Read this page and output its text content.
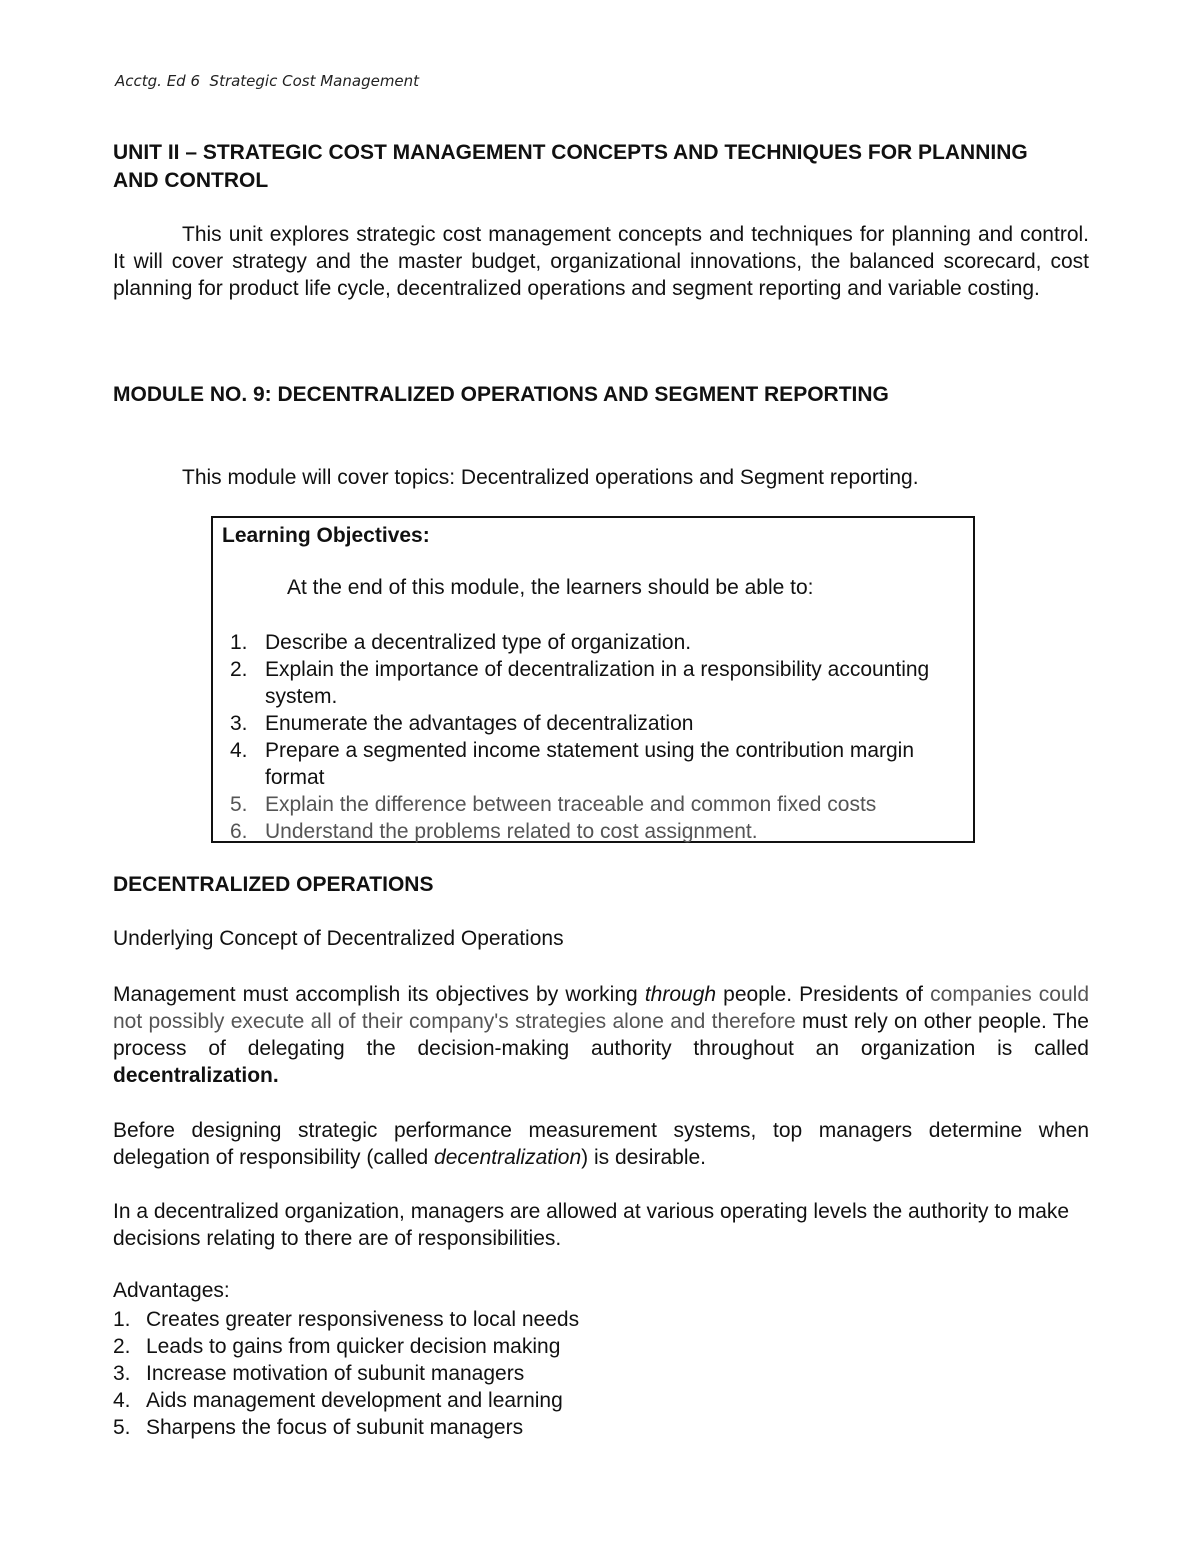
Acctg. Ed 6  Strategic Cost Management
UNIT II – STRATEGIC COST MANAGEMENT CONCEPTS AND TECHNIQUES FOR PLANNING AND CONTROL
This unit explores strategic cost management concepts and techniques for planning and control. It will cover strategy and the master budget, organizational innovations, the balanced scorecard, cost planning for product life cycle, decentralized operations and segment reporting and variable costing.
MODULE NO. 9: DECENTRALIZED OPERATIONS AND SEGMENT REPORTING
This module will cover topics: Decentralized operations and Segment reporting.
Learning Objectives:
At the end of this module, the learners should be able to:
1. Describe a decentralized type of organization.
2. Explain the importance of decentralization in a responsibility accounting system.
3. Enumerate the advantages of decentralization
4. Prepare a segmented income statement using the contribution margin format
5. Explain the difference between traceable and common fixed costs
6. Understand the problems related to cost assignment.
DECENTRALIZED OPERATIONS
Underlying Concept of Decentralized Operations
Management must accomplish its objectives by working through people. Presidents of companies could not possibly execute all of their company's strategies alone and therefore must rely on other people. The process of delegating the decision-making authority throughout an organization is called decentralization.
Before designing strategic performance measurement systems, top managers determine when delegation of responsibility (called decentralization) is desirable.
In a decentralized organization, managers are allowed at various operating levels the authority to make decisions relating to there are of responsibilities.
Advantages:
1. Creates greater responsiveness to local needs
2. Leads to gains from quicker decision making
3. Increase motivation of subunit managers
4. Aids management development and learning
5. Sharpens the focus of subunit managers
